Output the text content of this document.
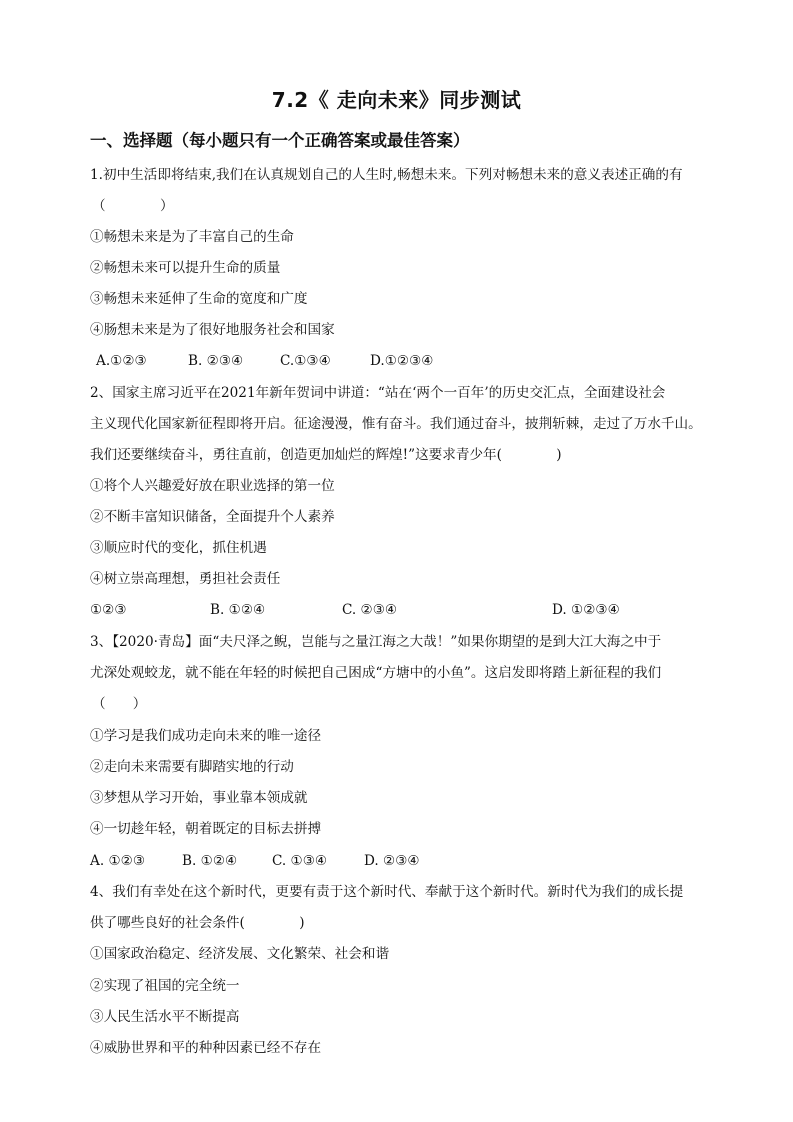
7.2《 走向未来》同步测试
一、选择题（每小题只有一个正确答案或最佳答案）
1.初中生活即将结束,我们在认真规划自己的人生时,畅想未来。下列对畅想未来的意义表述正确的有
（　　　　）
①畅想未来是为了丰富自己的生命
②畅想未来可以提升生命的质量
③畅想未来延伸了生命的宽度和广度
④肠想未来是为了很好地服务社会和国家
A.①②③	B. ②③④	C.①③④	D.①②③④
2、国家主席习近平在2021年新年贺词中讲道：“站在‘两个一百年’的历史交汇点，全面建设社会
主义现代化国家新征程即将开启。征途漫漫，惟有奋斗。我们通过奋斗，披荆斩棘，走过了万水千山。
我们还要继续奋斗，勇往直前，创造更加灿烂的辉煌!”这要求青少年(　　　　)
①将个人兴趣爱好放在职业选择的第一位
②不断丰富知识储备，全面提升个人素养
③顺应时代的变化，抓住机遇
④树立崇高理想，勇担社会责任
①②③	B. ①②④	C. ②③④	D. ①②③④
3、【2020·青岛】面“夫尺泽之鲵，岂能与之量江海之大哉！”如果你期望的是到大江大海之中于
尤深处观蛟龙，就不能在年轻的时候把自己困成“方塘中的小鱼”。这启发即将踏上新征程的我们
（　　）
①学习是我们成功走向未来的唯一途径
②走向未来需要有脚踏实地的行动
③梦想从学习开始，事业靠本领成就
④一切趁年轻，朝着既定的目标去拼搏
A. ①②③	B. ①②④	C. ①③④	D. ②③④
4、我们有幸处在这个新时代，更要有责于这个新时代、奉献于这个新时代。新时代为我们的成长提
供了哪些良好的社会条件(　　　　)
①国家政治稳定、经济发展、文化繁荣、社会和谐
②实现了祖国的完全统一
③人民生活水平不断提高
④威胁世界和平的种种因素已经不存在
